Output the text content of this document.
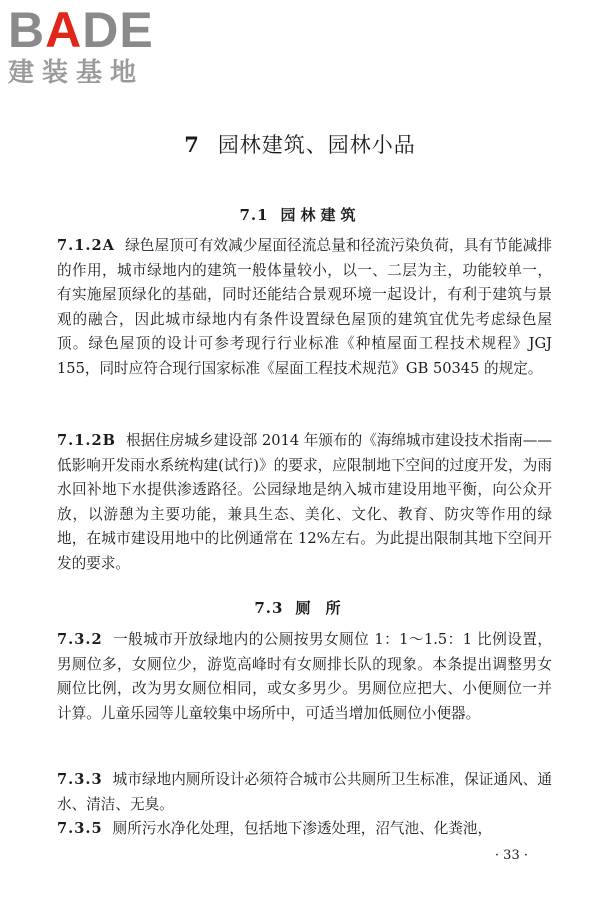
BADE
建装基地
7 园林建筑、园林小品
7.1 园林建筑
7.1.2A 绿色屋顶可有效减少屋面径流总量和径流污染负荷，具有节能减排的作用，城市绿地内的建筑一般体量较小，以一、二层为主，功能较单一，有实施屋顶绿化的基础，同时还能结合景观环境一起设计，有利于建筑与景观的融合，因此城市绿地内有条件设置绿色屋顶的建筑宜优先考虑绿色屋顶。绿色屋顶的设计可参考现行行业标准《种植屋面工程技术规程》JGJ 155，同时应符合现行国家标准《屋面工程技术规范》GB 50345 的规定。
7.1.2B 根据住房城乡建设部 2014 年颁布的《海绵城市建设技术指南——低影响开发雨水系统构建(试行)》的要求，应限制地下空间的过度开发，为雨水回补地下水提供渗透路径。公园绿地是纳入城市建设用地平衡，向公众开放，以游憩为主要功能，兼具生态、美化、文化、教育、防灾等作用的绿地，在城市建设用地中的比例通常在 12%左右。为此提出限制其地下空间开发的要求。
7.3 厕 所
7.3.2 一般城市开放绿地内的公厕按男女厕位 1：1～1.5：1 比例设置，男厕位多，女厕位少，游览高峰时有女厕排长队的现象。本条提出调整男女厕位比例，改为男女厕位相同，或女多男少。男厕位应把大、小便厕位一并计算。儿童乐园等儿童较集中场所中，可适当增加低厕位小便器。
7.3.3 城市绿地内厕所设计必须符合城市公共厕所卫生标准，保证通风、通水、清洁、无臭。
7.3.5 厕所污水净化处理，包括地下渗透处理，沼气池、化粪池，
· 33 ·
